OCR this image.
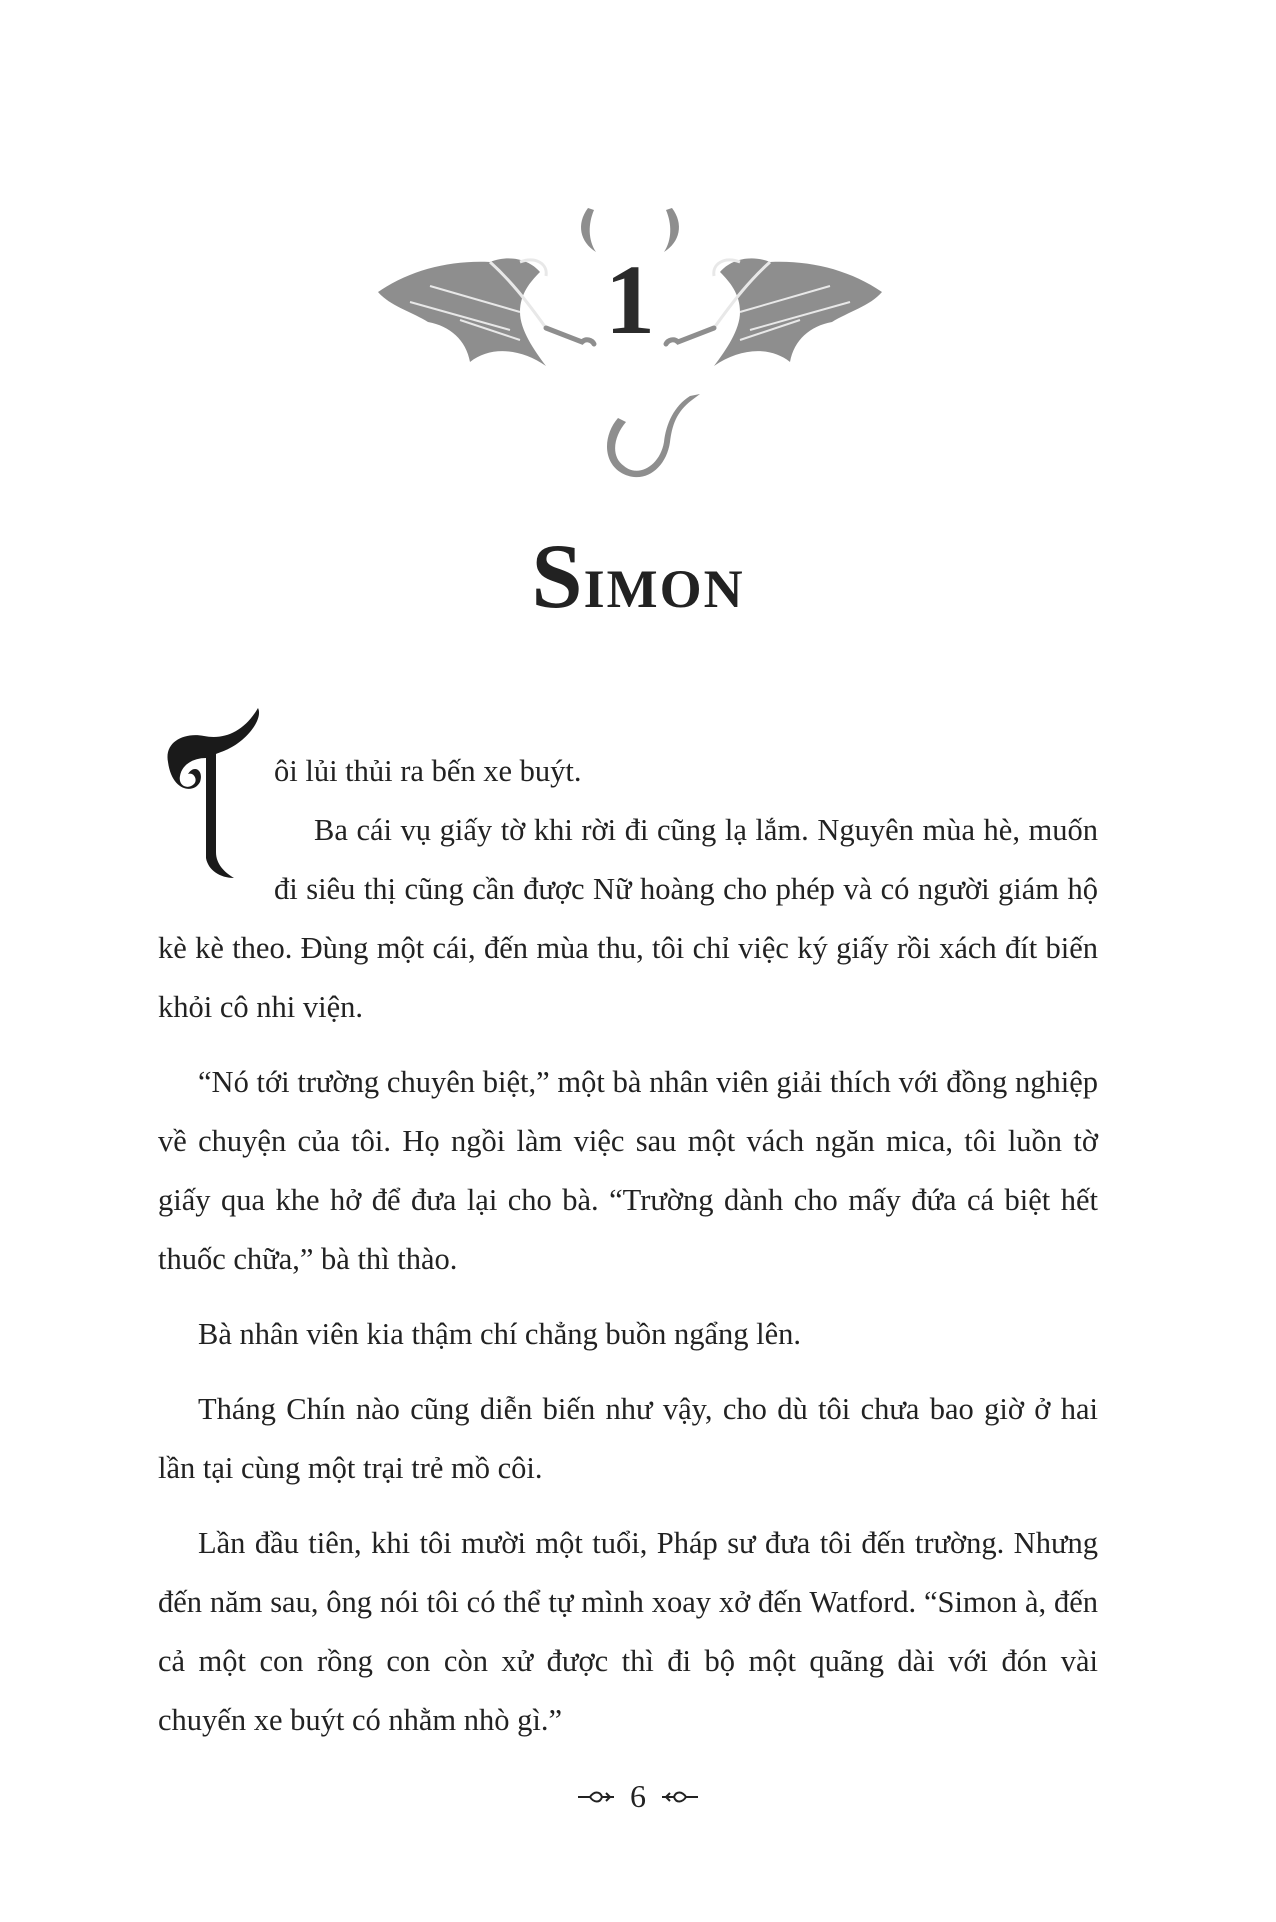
1
SIMON

ôi lủi thủi ra bến xe buýt.

Ba cái vụ giấy tờ khi rời đi cũng lạ lắm. Nguyên mùa hè, muốn đi siêu thị cũng cần được Nữ hoàng cho phép và có người giám hộ kè kè theo. Đùng một cái, đến mùa thu, tôi chỉ việc ký giấy rồi xách đít biến khỏi cô nhi viện.

“Nó tới trường chuyên biệt,” một bà nhân viên giải thích với đồng nghiệp về chuyện của tôi. Họ ngồi làm việc sau một vách ngăn mica, tôi luồn tờ giấy qua khe hở để đưa lại cho bà. “Trường dành cho mấy đứa cá biệt hết thuốc chữa,” bà thì thào.

Bà nhân viên kia thậm chí chẳng buồn ngẩng lên.

Tháng Chín nào cũng diễn biến như vậy, cho dù tôi chưa bao giờ ở hai lần tại cùng một trại trẻ mồ côi.

Lần đầu tiên, khi tôi mười một tuổi, Pháp sư đưa tôi đến trường. Nhưng đến năm sau, ông nói tôi có thể tự mình xoay xở đến Watford. “Simon à, đến cả một con rồng con còn xử được thì đi bộ một quãng dài với đón vài chuyến xe buýt có nhằm nhò gì.”

6
